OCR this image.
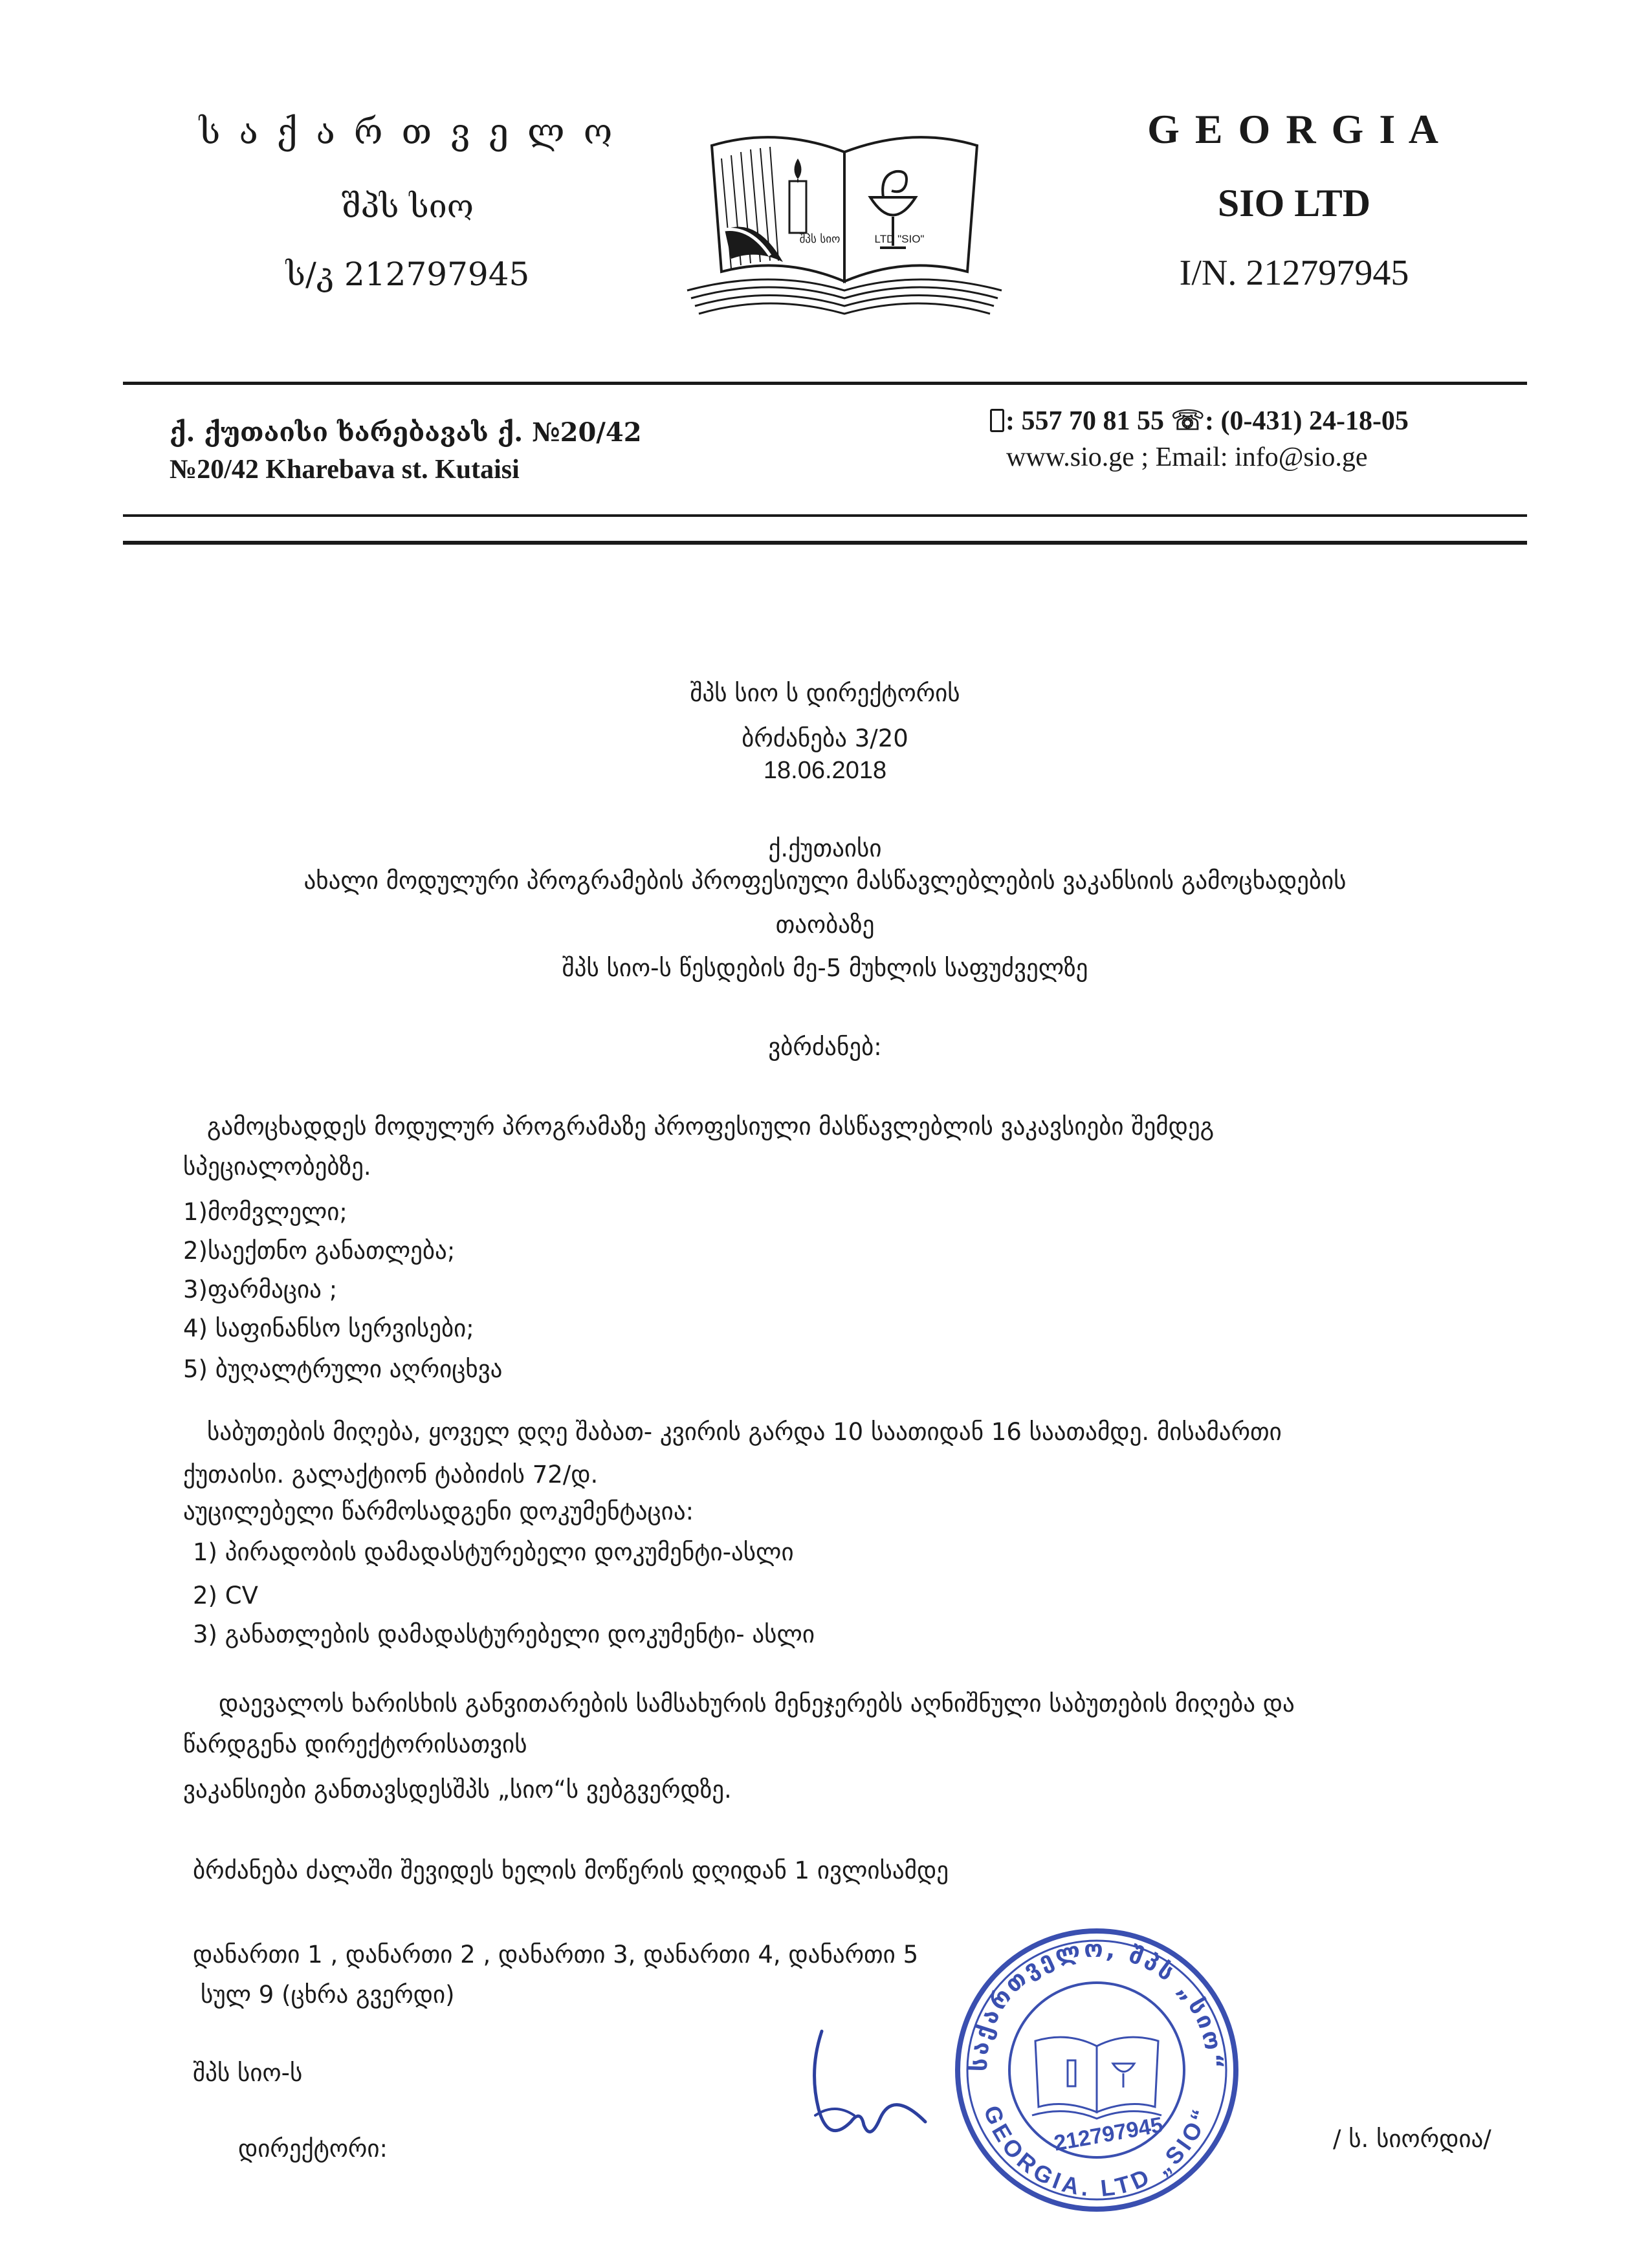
ს ა ქ ა რ თ ვ ე ლ ო
შპს სიო
ს/კ 212797945
G E O R G I A
SIO LTD
I/N. 212797945
შპს სიო	LTD "SIO"
ქ. ქუთაისი ხარებავას ქ. №20/42
№20/42 Kharebava st. Kutaisi
: 557 70 81 55 ☏: (0-431) 24-18-05
www.sio.ge ; Email: info@sio.ge
შპს სიო ს დირექტორის
ბრძანება 3/20
18.06.2018
ქ.ქუთაისი
ახალი მოდულური პროგრამების პროფესიული მასწავლებლების ვაკანსიის გამოცხადების
თაობაზე
შპს სიო-ს წესდების მე-5 მუხლის საფუძველზე
ვბრძანებ:
გამოცხადდეს მოდულურ პროგრამაზე პროფესიული მასწავლებლის ვაკავსიები შემდეგ
სპეციალობებზე.
1)მომვლელი;
2)საექთნო განათლება;
3)ფარმაცია ;
4) საფინანსო სერვისები;
5) ბუღალტრული აღრიცხვა
საბუთების მიღება, ყოველ დღე შაბათ- კვირის გარდა 10 საათიდან 16 საათამდე. მისამართი
ქუთაისი. გალაქტიონ ტაბიძის 72/დ.
აუცილებელი წარმოსადგენი დოკუმენტაცია:
1) პირადობის დამადასტურებელი დოკუმენტი-ასლი
2) CV
3) განათლების დამადასტურებელი დოკუმენტი- ასლი
დაევალოს ხარისხის განვითარების სამსახურის მენეჯერებს აღნიშნული საბუთების მიღება და
წარდგენა დირექტორისათვის
ვაკანსიები განთავსდესშპს „სიო“ს ვებგვერდზე.
ბრძანება ძალაში შევიდეს ხელის მოწერის დღიდან 1 ივლისამდე
დანართი 1 , დანართი 2 , დანართი 3, დანართი 4, დანართი 5
სულ 9 (ცხრა გვერდი)
შპს სიო-ს
დირექტორი:	/ ს. სიორდია/
საქართველო, შპს „სიო“
GEORGIA. LTD „SIO“
212797945
